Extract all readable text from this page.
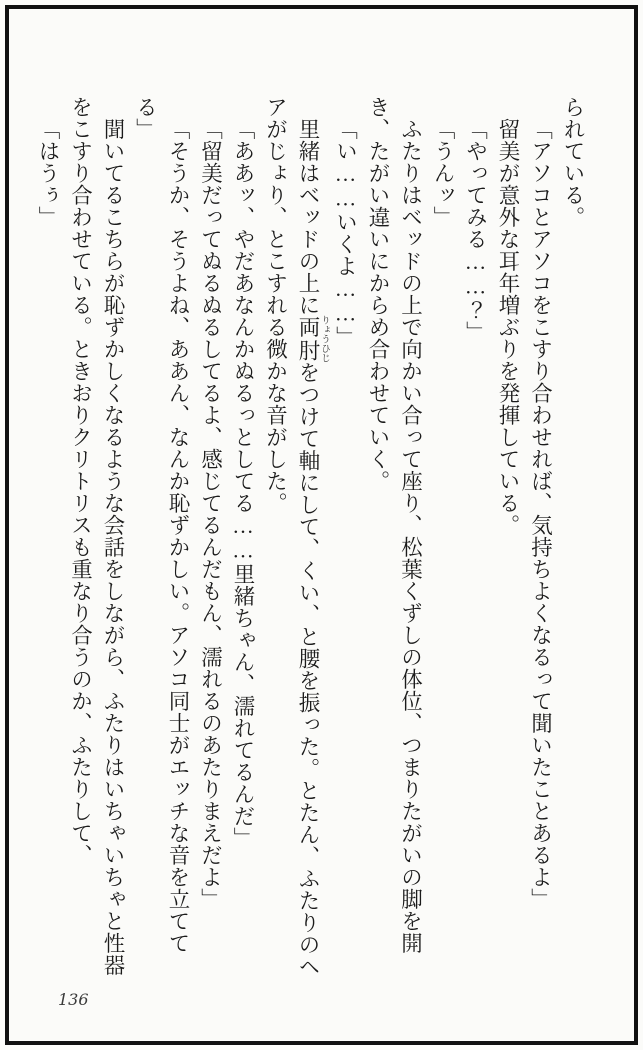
られている。

「アソコとアソコをこすり合わせれば、気持ちよくなるって聞いたことあるよ」

留美が意外な耳年増ぶりを発揮している。

「やってみる……？」

「うんッ」

ふたりはベッドの上で向かい合って座り、松葉くずしの体位、つまりたがいの脚を開き、たがい違いにからめ合わせていく。

「い……いくよ……」

里緒はベッドの上に両肘 りょうひじをつけて軸にして、くい、と腰を振った。とたん、ふたりのヘアがじょり、とこすれる微かな音がした。

「ああッ、やだあなんかぬるっとしてる……里緒ちゃん、濡れてるんだ」

「留美だってぬるぬるしてるよ、感じてるんだもん、濡れるのあたりまえだよ」

「そうか、そうよね、ああん、なんか恥ずかしい。アソコ同士がエッチな音を立ててる」

聞いてるこちらが恥ずかしくなるような会話をしながら、ふたりはいちゃいちゃと性器をこすり合わせている。ときおりクリトリスも重なり合うのか、ふたりして、

「はうぅ」

136
